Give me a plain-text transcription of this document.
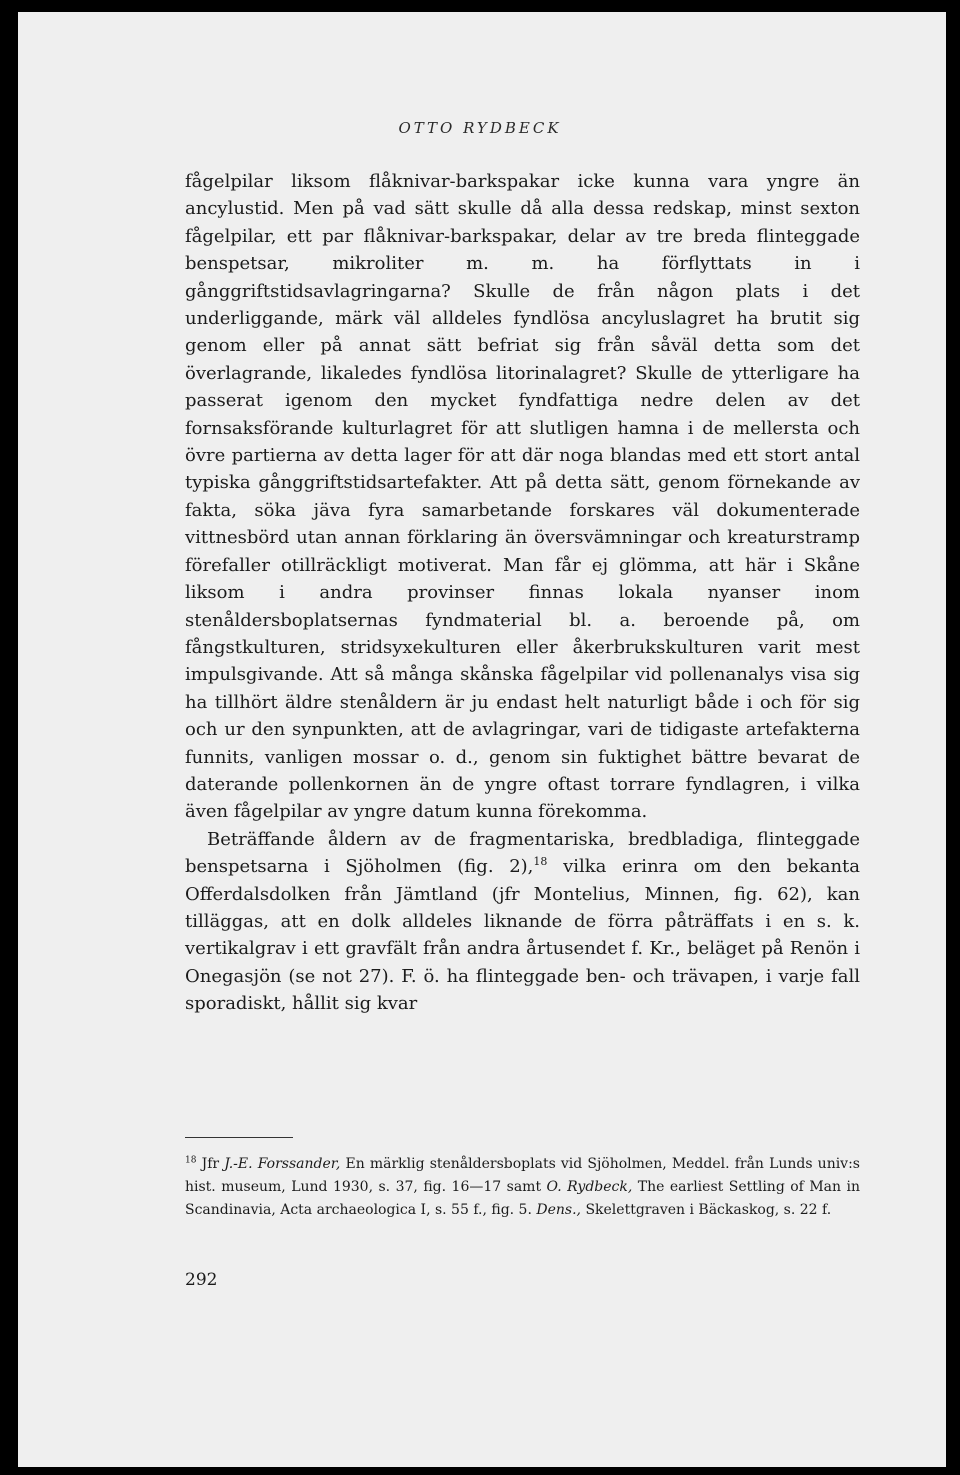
OTTO RYDBECK

fågelpilar liksom flåknivar-barkspakar icke kunna vara yngre än ancylustid. Men på vad sätt skulle då alla dessa redskap, minst sexton fågelpilar, ett par flåknivar-barkspakar, delar av tre breda flinteggade benspetsar, mikroliter m. m. ha förflyttats in i gånggriftstidsavlagringarna? Skulle de från någon plats i det underliggande, märk väl alldeles fyndlösa ancyluslagret ha brutit sig genom eller på annat sätt befriat sig från såväl detta som det överlagrande, likaledes fyndlösa litorinalagret? Skulle de ytterligare ha passerat igenom den mycket fyndfattiga nedre delen av det fornsaksförande kulturlagret för att slutligen hamna i de mellersta och övre partierna av detta lager för att där noga blandas med ett stort antal typiska gånggriftstidsartefakter. Att på detta sätt, genom förnekande av fakta, söka jäva fyra samarbetande forskares väl dokumenterade vittnesbörd utan annan förklaring än översvämningar och kreaturstramp förefaller otillräckligt motiverat. Man får ej glömma, att här i Skåne liksom i andra provinser finnas lokala nyanser inom stenåldersboplatsernas fyndmaterial bl. a. beroende på, om fångstkulturen, stridsyxekulturen eller åkerbrukskulturen varit mest impulsgivande. Att så många skånska fågelpilar vid pollenanalys visa sig ha tillhört äldre stenåldern är ju endast helt naturligt både i och för sig och ur den synpunkten, att de avlagringar, vari de tidigaste artefakterna funnits, vanligen mossar o. d., genom sin fuktighet bättre bevarat de daterande pollenkornen än de yngre oftast torrare fyndlagren, i vilka även fågelpilar av yngre datum kunna förekomma.

Beträffande åldern av de fragmentariska, bredbladiga, flinteggade benspetsarna i Sjöholmen (fig. 2),$^{18}$ vilka erinra om den bekanta Offerdalsdolken från Jämtland (jfr Montelius, Minnen, fig. 62), kan tilläggas, att en dolk alldeles liknande de förra påträffats i en s. k. vertikalgrav i ett gravfält från andra årtusendet f. Kr., beläget på Renön i Onegasjön (se not 27). F. ö. ha flinteggade ben- och trävapen, i varje fall sporadiskt, hållit sig kvar

$^{18}$ Jfr J.-E. Forssander, En märklig stenåldersboplats vid Sjöholmen, Meddel. från Lunds univ:s hist. museum, Lund 1930, s. 37, fig. 16—17 samt O. Rydbeck, The earliest Settling of Man in Scandinavia, Acta archaeologica I, s. 55 f., fig. 5. Dens., Skelettgraven i Bäckaskog, s. 22 f.
292
